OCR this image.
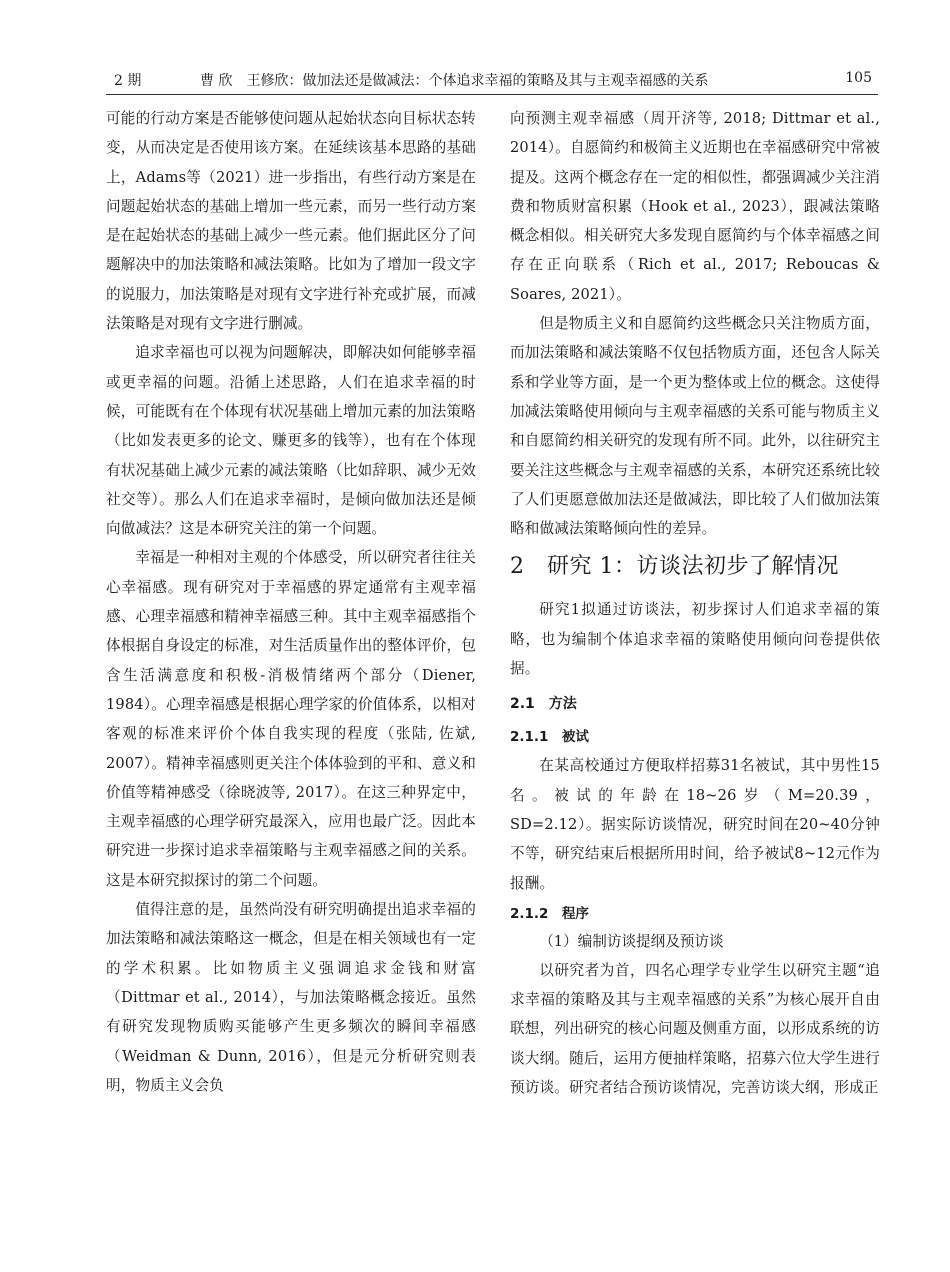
2 期	曹 欣　王修欣：做加法还是做减法：个体追求幸福的策略及其与主观幸福感的关系	105

可能的行动方案是否能够使问题从起始状态向目标状态转变，从而决定是否使用该方案。在延续该基本思路的基础上，Adams等（2021）进一步指出，有些行动方案是在问题起始状态的基础上增加一些元素，而另一些行动方案是在起始状态的基础上减少一些元素。他们据此区分了问题解决中的加法策略和减法策略。比如为了增加一段文字的说服力，加法策略是对现有文字进行补充或扩展，而减法策略是对现有文字进行删减。

追求幸福也可以视为问题解决，即解决如何能够幸福或更幸福的问题。沿循上述思路，人们在追求幸福的时候，可能既有在个体现有状况基础上增加元素的加法策略（比如发表更多的论文、赚更多的钱等），也有在个体现有状况基础上减少元素的减法策略（比如辞职、减少无效社交等）。那么人们在追求幸福时，是倾向做加法还是倾向做减法？这是本研究关注的第一个问题。

幸福是一种相对主观的个体感受，所以研究者往往关心幸福感。现有研究对于幸福感的界定通常有主观幸福感、心理幸福感和精神幸福感三种。其中主观幸福感指个体根据自身设定的标准，对生活质量作出的整体评价，包含生活满意度和积极-消极情绪两个部分（Diener, 1984）。心理幸福感是根据心理学家的价值体系，以相对客观的标准来评价个体自我实现的程度（张陆, 佐斌, 2007）。精神幸福感则更关注个体体验到的平和、意义和价值等精神感受（徐晓波等, 2017）。在这三种界定中，主观幸福感的心理学研究最深入，应用也最广泛。因此本研究进一步探讨追求幸福策略与主观幸福感之间的关系。这是本研究拟探讨的第二个问题。

值得注意的是，虽然尚没有研究明确提出追求幸福的加法策略和减法策略这一概念，但是在相关领域也有一定的学术积累。比如物质主义强调追求金钱和财富（Dittmar et al., 2014），与加法策略概念接近。虽然有研究发现物质购买能够产生更多频次的瞬间幸福感（Weidman & Dunn, 2016），但是元分析研究则表明，物质主义会负

向预测主观幸福感（周开济等, 2018; Dittmar et al., 2014）。自愿简约和极简主义近期也在幸福感研究中常被提及。这两个概念存在一定的相似性，都强调减少关注消费和物质财富积累（Hook et al., 2023），跟减法策略概念相似。相关研究大多发现自愿简约与个体幸福感之间存在正向联系（Rich et al., 2017; Reboucas & Soares, 2021）。

但是物质主义和自愿简约这些概念只关注物质方面，而加法策略和减法策略不仅包括物质方面，还包含人际关系和学业等方面，是一个更为整体或上位的概念。这使得加减法策略使用倾向与主观幸福感的关系可能与物质主义和自愿简约相关研究的发现有所不同。此外，以往研究主要关注这些概念与主观幸福感的关系，本研究还系统比较了人们更愿意做加法还是做减法，即比较了人们做加法策略和做减法策略倾向性的差异。

2　研究 1：访谈法初步了解情况

研究1拟通过访谈法，初步探讨人们追求幸福的策略，也为编制个体追求幸福的策略使用倾向问卷提供依据。

2.1　方法
2.1.1　被试

在某高校通过方便取样招募31名被试，其中男性15名。被试的年龄在18~26岁（M=20.39，SD=2.12）。据实际访谈情况，研究时间在20~40分钟不等，研究结束后根据所用时间，给予被试8~12元作为报酬。

2.1.2　程序

（1）编制访谈提纲及预访谈

以研究者为首，四名心理学专业学生以研究主题“追求幸福的策略及其与主观幸福感的关系”为核心展开自由联想，列出研究的核心问题及侧重方面，以形成系统的访谈大纲。随后，运用方便抽样策略，招募六位大学生进行预访谈。研究者结合预访谈情况，完善访谈大纲，形成正
